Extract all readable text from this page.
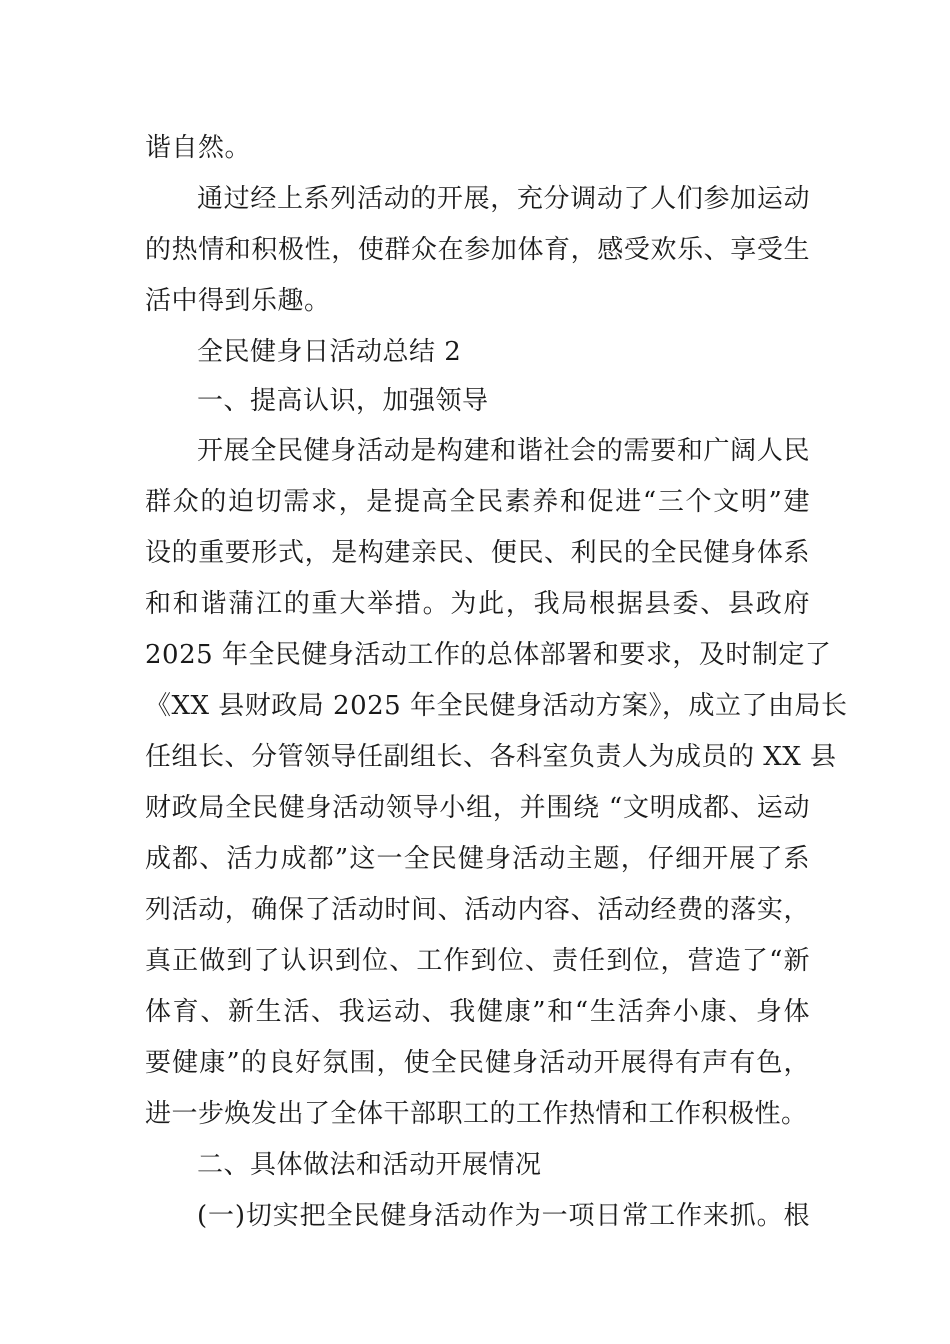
谐自然。
通过经上系列活动的开展，充分调动了人们参加运动
的热情和积极性，使群众在参加体育，感受欢乐、享受生
活中得到乐趣。
全民健身日活动总结 2
一、提高认识，加强领导
开展全民健身活动是构建和谐社会的需要和广阔人民
群众的迫切需求，是提高全民素养和促进“三个文明”建
设的重要形式，是构建亲民、便民、利民的全民健身体系
和和谐蒲江的重大举措。为此，我局根据县委、县政府
2025 年全民健身活动工作的总体部署和要求，及时制定了
《XX 县财政局 2025 年全民健身活动方案》，成立了由局长
任组长、分管领导任副组长、各科室负责人为成员的 XX 县
财政局全民健身活动领导小组，并围绕 “文明成都、运动
成都、活力成都”这一全民健身活动主题，仔细开展了系
列活动，确保了活动时间、活动内容、活动经费的落实，
真正做到了认识到位、工作到位、责任到位，营造了“新
体育、新生活、我运动、我健康”和“生活奔小康、身体
要健康”的良好氛围，使全民健身活动开展得有声有色，
进一步焕发出了全体干部职工的工作热情和工作积极性。
二、具体做法和活动开展情况
(一)切实把全民健身活动作为一项日常工作来抓。根
